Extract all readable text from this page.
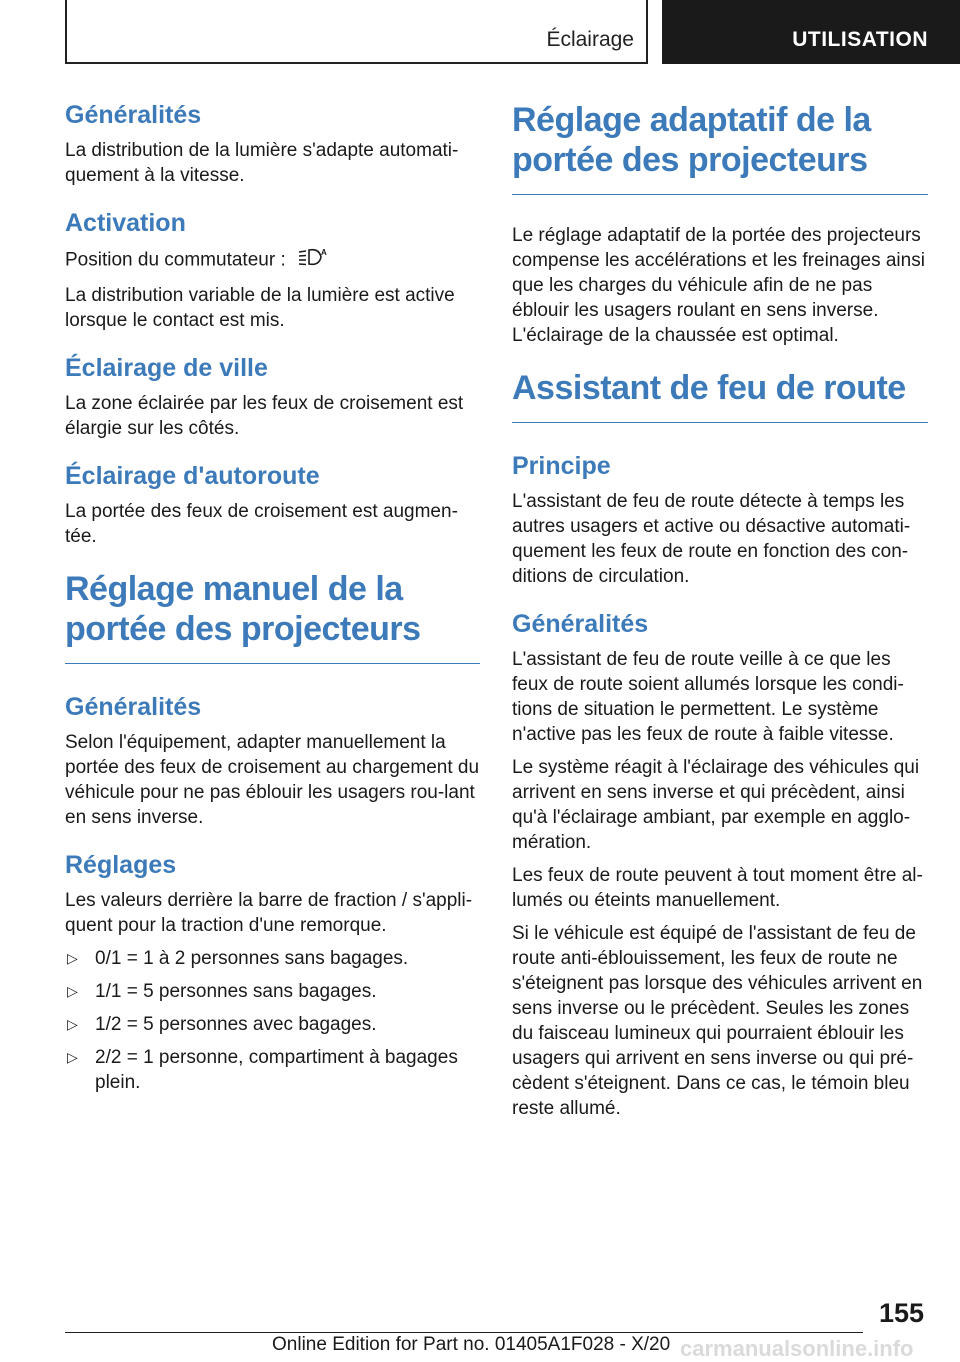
Éclairage	UTILISATION
Généralités

La distribution de la lumière s'adapte automati-quement à la vitesse.

Activation

Position du commutateur :	A

La distribution variable de la lumière est active lorsque le contact est mis.

Éclairage de ville

La zone éclairée par les feux de croisement est élargie sur les côtés.

Éclairage d'autoroute

La portée des feux de croisement est augmen-tée.

Réglage manuel de la portée des projecteurs
Généralités

Selon l'équipement, adapter manuellement la portée des feux de croisement au chargement du véhicule pour ne pas éblouir les usagers rou-lant en sens inverse.

Réglages

Les valeurs derrière la barre de fraction / s'appli-quent pour la traction d'une remorque.

▷ 0/1 = 1 à 2 personnes sans bagages.
▷ 1/1 = 5 personnes sans bagages.
▷ 1/2 = 5 personnes avec bagages.
▷ 2/2 = 1 personne, compartiment à bagages plein.
Réglage adaptatif de la portée des projecteurs

Le réglage adaptatif de la portée des projecteurs compense les accélérations et les freinages ainsi que les charges du véhicule afin de ne pas éblouir les usagers roulant en sens inverse. L'éclairage de la chaussée est optimal.

Assistant de feu de route
Principe

L'assistant de feu de route détecte à temps les autres usagers et active ou désactive automati-quement les feux de route en fonction des con-ditions de circulation.

Généralités

L'assistant de feu de route veille à ce que les feux de route soient allumés lorsque les condi-tions de situation le permettent. Le système n'active pas les feux de route à faible vitesse.

Le système réagit à l'éclairage des véhicules qui arrivent en sens inverse et qui précèdent, ainsi qu'à l'éclairage ambiant, par exemple en agglo-mération.

Les feux de route peuvent à tout moment être al-lumés ou éteints manuellement.

Si le véhicule est équipé de l'assistant de feu de route anti-éblouissement, les feux de route ne s'éteignent pas lorsque des véhicules arrivent en sens inverse ou le précèdent. Seules les zones du faisceau lumineux qui pourraient éblouir les usagers qui arrivent en sens inverse ou qui pré-cèdent s'éteignent. Dans ce cas, le témoin bleu reste allumé.

155
Online Edition for Part no. 01405A1F028 - X/20 carmanualsonline.info
